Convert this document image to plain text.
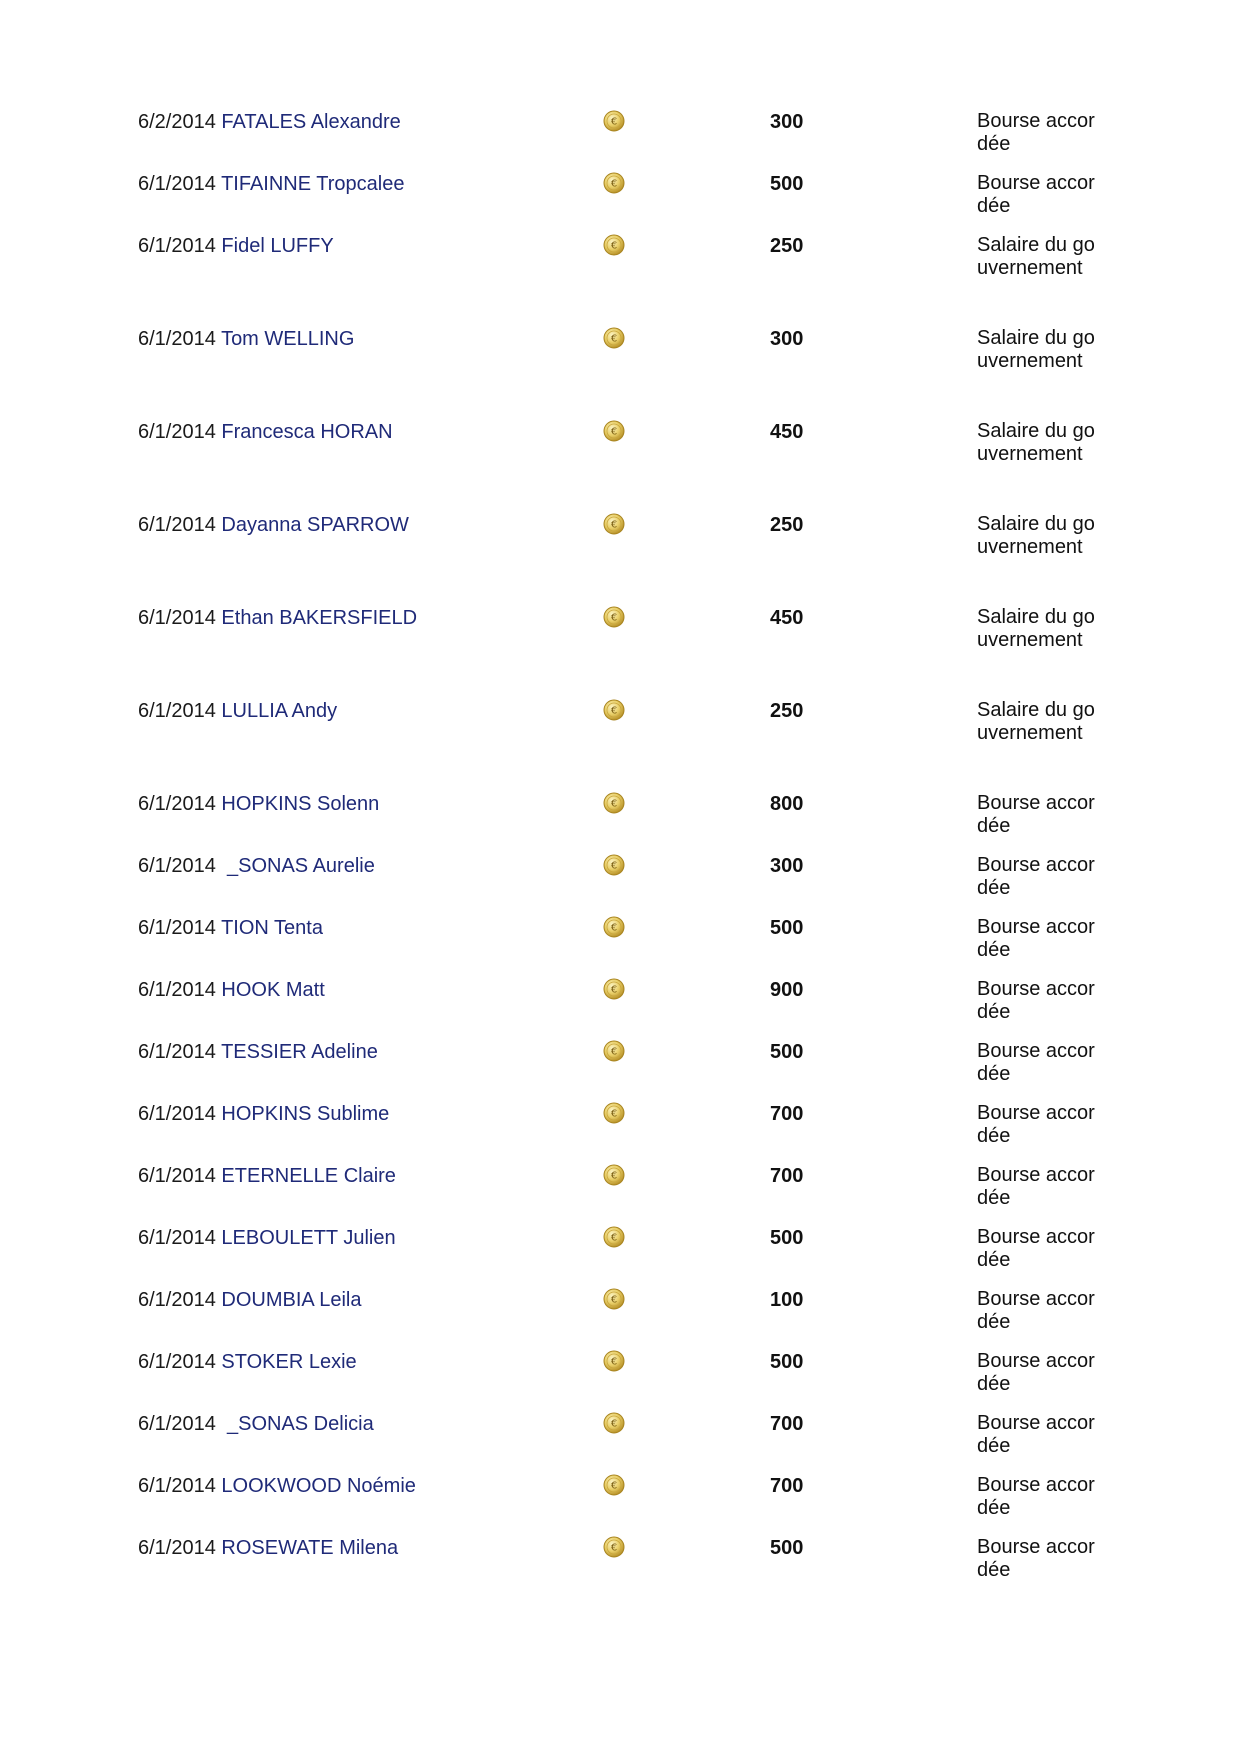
6/2/2014 FATALES Alexandre	€	300	Bourse accordée
6/1/2014 TIFAINNE Tropcalee	€	500	Bourse accordée
6/1/2014 Fidel LUFFY	€	250	Salaire du gouvernement
6/1/2014 Tom WELLING	€	300	Salaire du gouvernement
6/1/2014 Francesca HORAN	€	450	Salaire du gouvernement
6/1/2014 Dayanna SPARROW	€	250	Salaire du gouvernement
6/1/2014 Ethan BAKERSFIELD	€	450	Salaire du gouvernement
6/1/2014 LULLIA Andy	€	250	Salaire du gouvernement
6/1/2014 HOPKINS Solenn	€	800	Bourse accordée
6/1/2014 _SONAS Aurelie	€	300	Bourse accordée
6/1/2014 TION Tenta	€	500	Bourse accordée
6/1/2014 HOOK Matt	€	900	Bourse accordée
6/1/2014 TESSIER Adeline	€	500	Bourse accordée
6/1/2014 HOPKINS Sublime	€	700	Bourse accordée
6/1/2014 ETERNELLE Claire	€	700	Bourse accordée
6/1/2014 LEBOULETT Julien	€	500	Bourse accordée
6/1/2014 DOUMBIA Leila	€	100	Bourse accordée
6/1/2014 STOKER Lexie	€	500	Bourse accordée
6/1/2014 _SONAS Delicia	€	700	Bourse accordée
6/1/2014 LOOKWOOD Noémie	€	700	Bourse accordée
6/1/2014 ROSEWATE Milena	€	500	Bourse accordée
